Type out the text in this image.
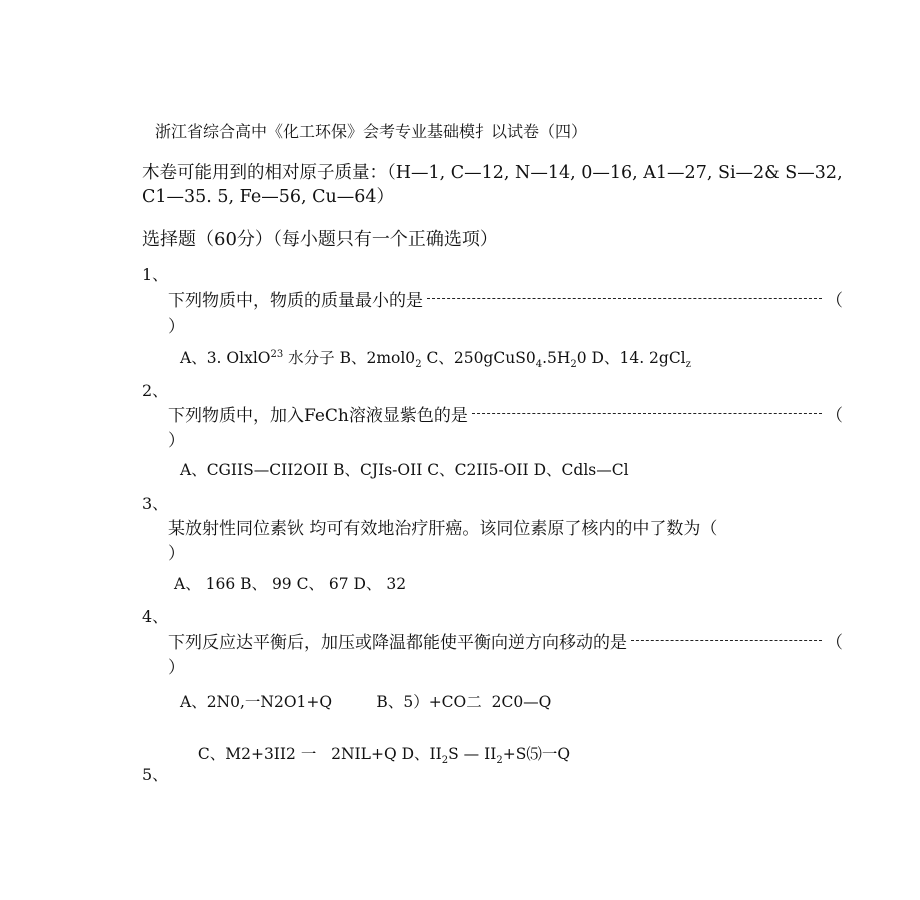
浙江省综合高中《化工环保》会考专业基础模扌以试卷（四）
木卷可能用到的相对原子质量：（H—1, C—12, N—14, 0—16, A1—27, Si—2& S—32,
C1—35. 5, Fe—56, Cu—64）
选择题（60分）（每小题只有一个正确选项）
1、
下列物质中，物质的质量最小的是	（
）
A、3. OlxlO$^{23}$ 水分子 B、$2mol0_2$ C、$250gCuS0_4.5H_20$ D、14. 2gCl$_z$
2、
下列物质中，加入FeCh溶液显紫色的是	（
）
A、CGIIS—CII2OII B、CJIs-OII C、C2II5-OII D、Cdls—Cl
3、
某放射性同位素钬 均可有效地治疗肝癌。该同位素原了核内的中了数为（
）
A、 166 B、 99 C、 67 D、 32
4、
下列反应达平衡后，加压或降温都能使平衡向逆方向移动的是	（
）
A、2N0,一N2O1+Q         B、5）+CO二  2C0—Q

C、M2+3II2 一   2NIL+Q D、$II_2S$ — $II_2+S⑸$一Q

5、
